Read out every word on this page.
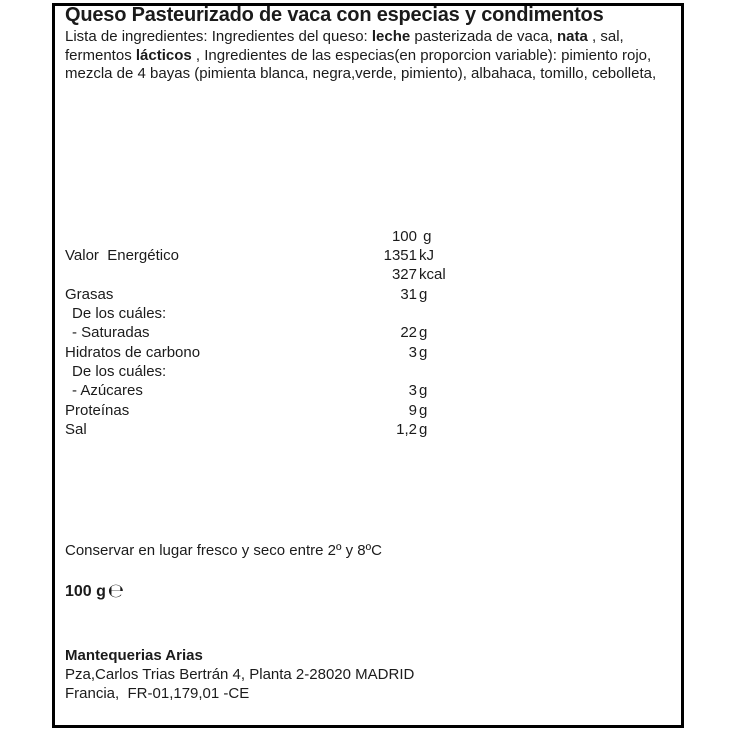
Queso Pasteurizado de vaca con especias y condimentos
Lista de ingredientes: Ingredientes del queso: leche pasterizada de vaca, nata , sal, fermentos lácticos , Ingredientes de las especias(en proporcion variable): pimiento rojo, mezcla de 4 bayas (pimienta blanca, negra,verde, pimiento), albahaca, tomillo, cebolleta,
100 g
Valor  Energético	1351 kJ
327 kcal
Grasas	31 g
De los cuáles:
- Saturadas	22 g
Hidratos de carbono	3 g
De los cuáles:
- Azúcares	3 g
Proteínas	9 g
Sal	1,2 g
Conservar en lugar fresco y seco entre 2º y 8ºC
100 g ℮
Mantequerias Arias
Pza,Carlos Trias Bertrán 4, Planta 2-28020 MADRID
Francia,  FR-01,179,01 -CE
